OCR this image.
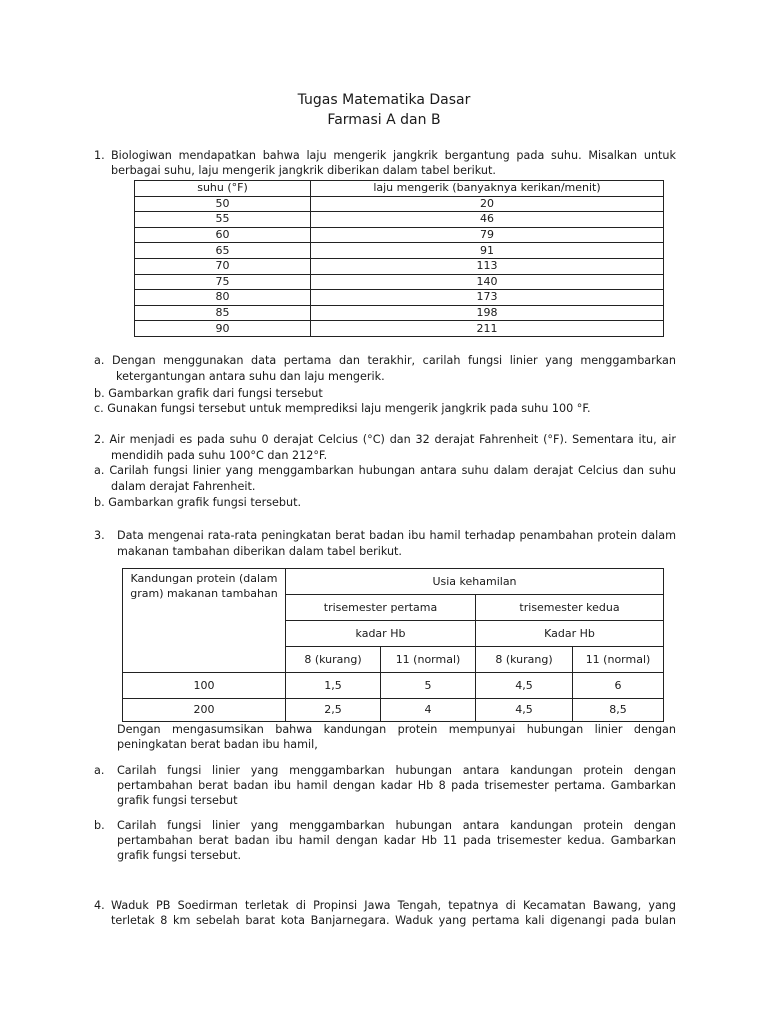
Tugas Matematika Dasar
Farmasi A dan B
1. Biologiwan mendapatkan bahwa laju mengerik jangkrik bergantung pada suhu. Misalkan untuk
berbagai suhu, laju mengerik jangkrik diberikan dalam tabel berikut.
suhu (°F)	laju mengerik (banyaknya kerikan/menit)
50	20
55	46
60	79
65	91
70	113
75	140
80	173
85	198
90	211
a. Dengan menggunakan data pertama dan terakhir, carilah fungsi linier yang menggambarkan
ketergantungan antara suhu dan laju mengerik.
b. Gambarkan grafik dari fungsi tersebut
c. Gunakan fungsi tersebut untuk memprediksi laju mengerik jangkrik pada suhu 100 °F.
2. Air menjadi es pada suhu 0 derajat Celcius (°C) dan 32 derajat Fahrenheit (°F). Sementara itu, air
mendidih pada suhu 100°C dan 212°F.
a. Carilah fungsi linier yang menggambarkan hubungan antara suhu dalam derajat Celcius dan suhu
dalam derajat Fahrenheit.
b. Gambarkan grafik fungsi tersebut.
3. Data mengenai rata-rata peningkatan berat badan ibu hamil terhadap penambahan protein dalam
makanan tambahan diberikan dalam tabel berikut.
Kandungan protein (dalam gram) makanan tambahan	Usia kehamilan			
	trisemester pertama		trisemester kedua	
	kadar Hb		Kadar Hb	
	8 (kurang)	11 (normal)	8 (kurang)	11 (normal)
100	1,5	5	4,5	6
200	2,5	4	4,5	8,5
Dengan mengasumsikan bahwa kandungan protein mempunyai hubungan linier dengan
peningkatan berat badan ibu hamil,
a. Carilah fungsi linier yang menggambarkan hubungan antara kandungan protein dengan
pertambahan berat badan ibu hamil dengan kadar Hb 8 pada trisemester pertama. Gambarkan
grafik fungsi tersebut
b. Carilah fungsi linier yang menggambarkan hubungan antara kandungan protein dengan
pertambahan berat badan ibu hamil dengan kadar Hb 11 pada trisemester kedua. Gambarkan
grafik fungsi tersebut.
4. Waduk PB Soedirman terletak di Propinsi Jawa Tengah, tepatnya di Kecamatan Bawang, yang
terletak 8 km sebelah barat kota Banjarnegara. Waduk yang pertama kali digenangi pada bulan
